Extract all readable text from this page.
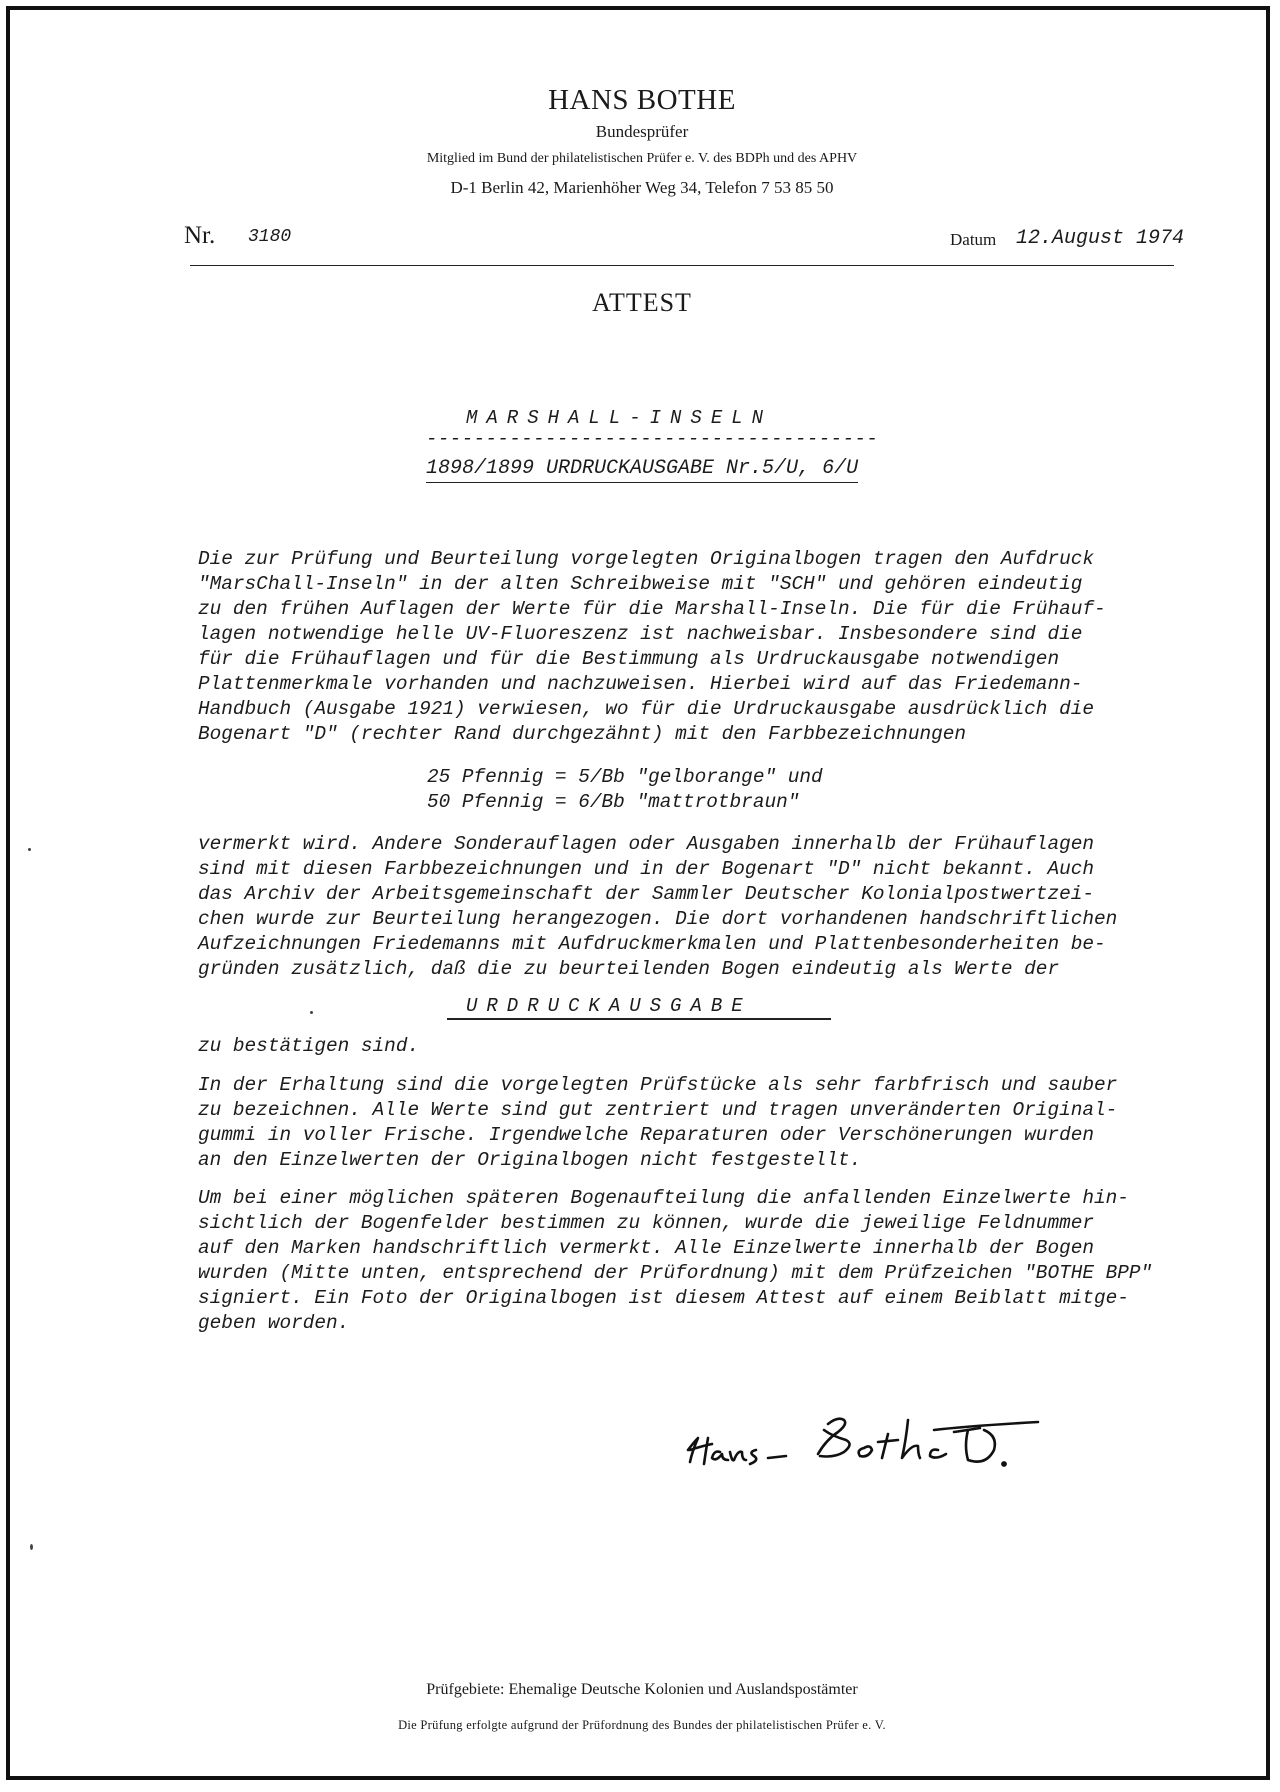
HANS BOTHE
Bundesprüfer
Mitglied im Bund der philatelistischen Prüfer e. V. des BDPh und des APHV
D-1 Berlin 42, Marienhöher Weg 34, Telefon 7 53 85 50
Nr. 3180	Datum 12.August 1974
ATTEST
MARSHALL-INSELN
--------------------------------------
1898/1899 URDRUCKAUSGABE Nr.5/U, 6/U
Die zur Prüfung und Beurteilung vorgelegten Originalbogen tragen den Aufdruck
"MarsChall-Inseln" in der alten Schreibweise mit "SCH" und gehören eindeutig
zu den frühen Auflagen der Werte für die Marshall-Inseln. Die für die Frühauf-
lagen notwendige helle UV-Fluoreszenz ist nachweisbar. Insbesondere sind die
für die Frühauflagen und für die Bestimmung als Urdruckausgabe notwendigen
Plattenmerkmale vorhanden und nachzuweisen. Hierbei wird auf das Friedemann-
Handbuch (Ausgabe 1921) verwiesen, wo für die Urdruckausgabe ausdrücklich die
Bogenart "D" (rechter Rand durchgezähnt) mit den Farbbezeichnungen
25 Pfennig = 5/Bb "gelborange" und
50 Pfennig = 6/Bb "mattrotbraun"
vermerkt wird. Andere Sonderauflagen oder Ausgaben innerhalb der Frühauflagen
sind mit diesen Farbbezeichnungen und in der Bogenart "D" nicht bekannt. Auch
das Archiv der Arbeitsgemeinschaft der Sammler Deutscher Kolonialpostwertzei-
chen wurde zur Beurteilung herangezogen. Die dort vorhandenen handschriftlichen
Aufzeichnungen Friedemanns mit Aufdruckmerkmalen und Plattenbesonderheiten be-
gründen zusätzlich, daß die zu beurteilenden Bogen eindeutig als Werte der
URDRUCKAUSGABE
zu bestätigen sind.
In der Erhaltung sind die vorgelegten Prüfstücke als sehr farbfrisch und sauber
zu bezeichnen. Alle Werte sind gut zentriert und tragen unveränderten Original-
gummi in voller Frische. Irgendwelche Reparaturen oder Verschönerungen wurden
an den Einzelwerten der Originalbogen nicht festgestellt.
Um bei einer möglichen späteren Bogenaufteilung die anfallenden Einzelwerte hin-
sichtlich der Bogenfelder bestimmen zu können, wurde die jeweilige Feldnummer
auf den Marken handschriftlich vermerkt. Alle Einzelwerte innerhalb der Bogen
wurden (Mitte unten, entsprechend der Prüfordnung) mit dem Prüfzeichen "BOTHE BPP"
signiert. Ein Foto der Originalbogen ist diesem Attest auf einem Beiblatt mitge-
geben worden.
Prüfgebiete: Ehemalige Deutsche Kolonien und Auslandspostämter
Die Prüfung erfolgte aufgrund der Prüfordnung des Bundes der philatelistischen Prüfer e. V.
